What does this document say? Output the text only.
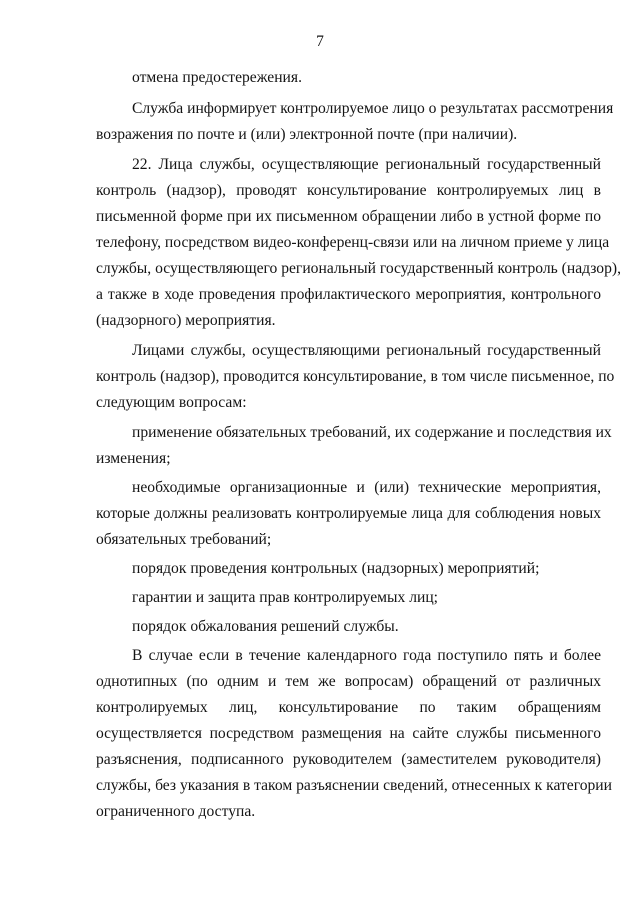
7
отмена предостережения.
Служба информирует контролируемое лицо о результатах рассмотрения
возражения по почте и (или) электронной почте (при наличии).
22. Лица службы, осуществляющие региональный государственный
контроль (надзор), проводят консультирование контролируемых лиц в
письменной форме при их письменном обращении либо в устной форме по
телефону, посредством видео-конференц-связи или на личном приеме у лица
службы, осуществляющего региональный государственный контроль (надзор),
а также в ходе проведения профилактического мероприятия, контрольного
(надзорного) мероприятия.
Лицами службы, осуществляющими региональный государственный
контроль (надзор), проводится консультирование, в том числе письменное, по
следующим вопросам:
применение обязательных требований, их содержание и последствия их
изменения;
необходимые организационные и (или) технические мероприятия,
которые должны реализовать контролируемые лица для соблюдения новых
обязательных требований;
порядок проведения контрольных (надзорных) мероприятий;
гарантии и защита прав контролируемых лиц;
порядок обжалования решений службы.
В случае если в течение календарного года поступило пять и более
однотипных (по одним и тем же вопросам) обращений от различных
контролируемых лиц, консультирование по таким обращениям
осуществляется посредством размещения на сайте службы письменного
разъяснения, подписанного руководителем (заместителем руководителя)
службы, без указания в таком разъяснении сведений, отнесенных к категории
ограниченного доступа.
